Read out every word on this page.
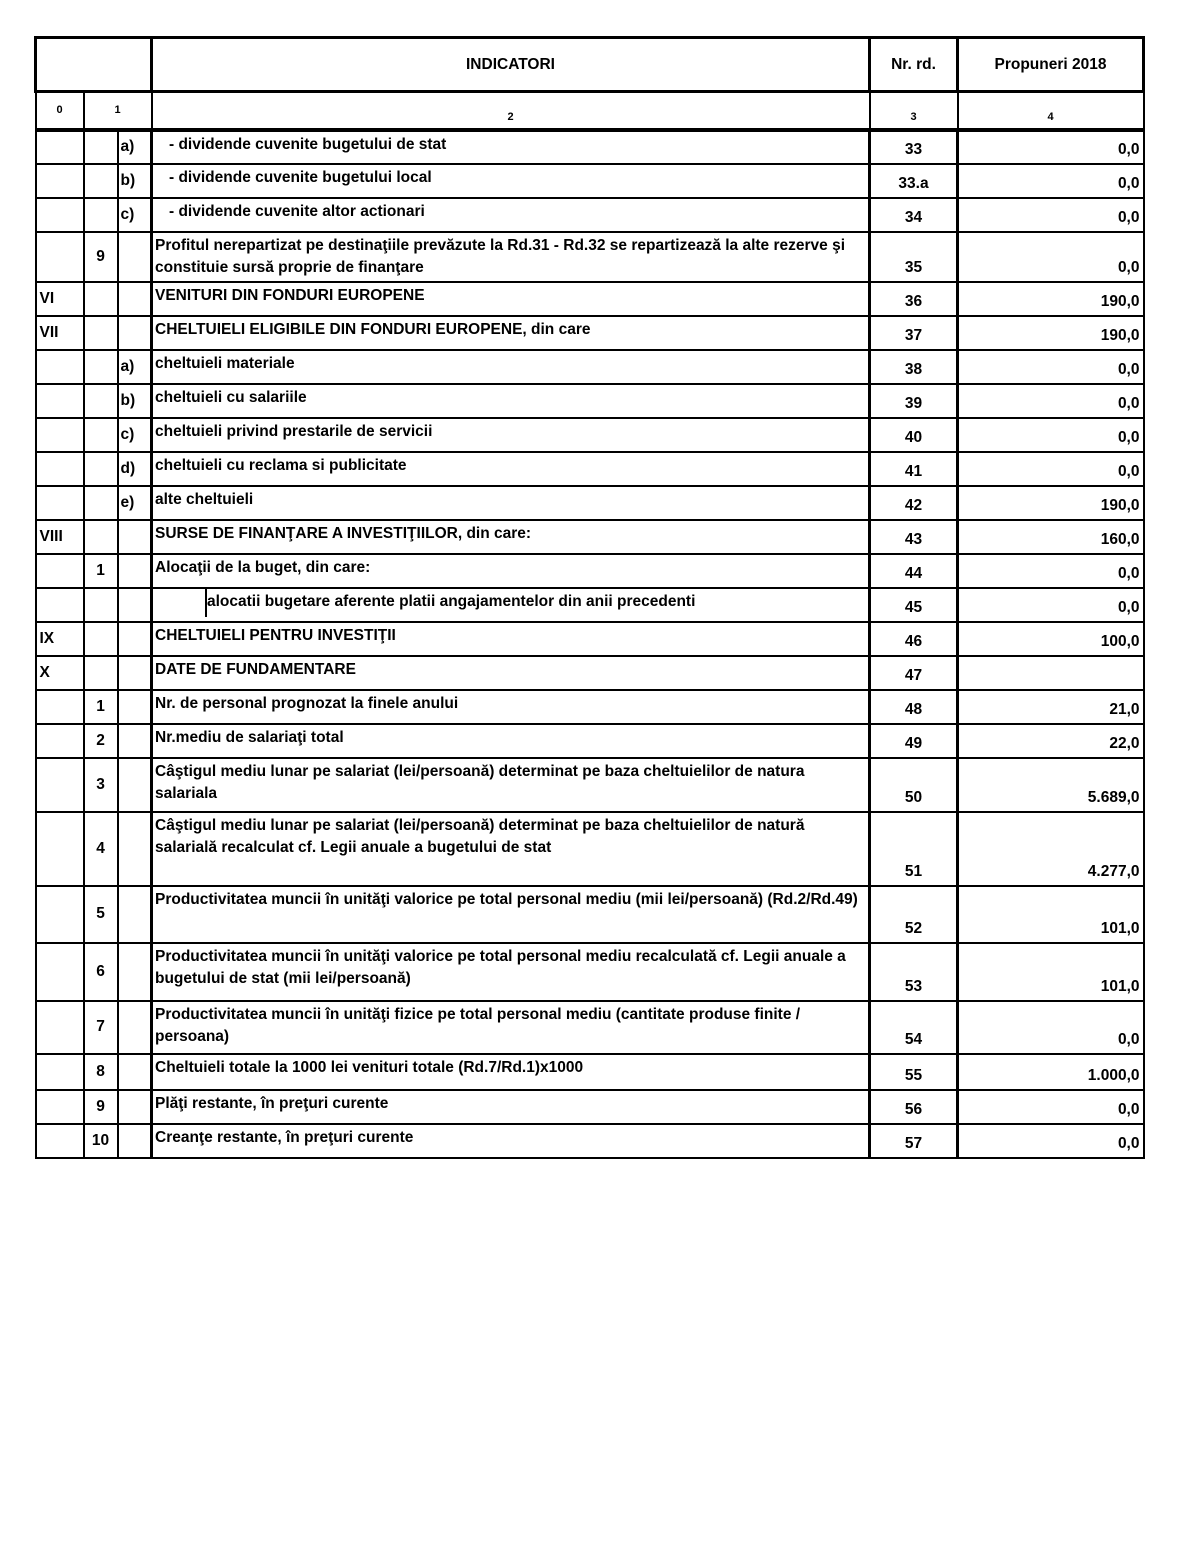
			INDICATORI	Nr. rd.	Propuneri 2018
0	1		2	3	4
		a)	- dividende cuvenite bugetului de stat	33	0,0
		b)	- dividende cuvenite bugetului local	33.a	0,0
		c)	- dividende cuvenite altor actionari	34	0,0
	9		Profitul nerepartizat pe destinaţiile prevăzute la Rd.31 - Rd.32 se repartizează la alte rezerve şi constituie sursă proprie de finanţare	35	0,0
VI			VENITURI DIN FONDURI EUROPENE	36	190,0
VII			CHELTUIELI ELIGIBILE DIN FONDURI EUROPENE, din care	37	190,0
		a)	cheltuieli materiale	38	0,0
		b)	cheltuieli cu salariile	39	0,0
		c)	cheltuieli privind prestarile de servicii	40	0,0
		d)	cheltuieli cu reclama si publicitate	41	0,0
		e)	alte cheltuieli	42	190,0
VIII			SURSE DE FINANŢARE A INVESTIŢIILOR, din care:	43	160,0
	1		Alocaţii de la buget, din care:	44	0,0
			alocatii bugetare aferente platii angajamentelor din anii precedenti	45	0,0
IX			CHELTUIELI PENTRU INVESTIŢII	46	100,0
X			DATE DE FUNDAMENTARE	47	
	1		Nr. de personal prognozat la finele anului	48	21,0
	2		Nr.mediu de salariaţi total	49	22,0
	3		Câştigul mediu lunar pe salariat (lei/persoană) determinat pe baza cheltuielilor de natura salariala	50	5.689,0
	4		Câştigul mediu lunar pe salariat (lei/persoană) determinat pe baza cheltuielilor de natură salarială recalculat cf. Legii anuale a bugetului de stat	51	4.277,0
	5		Productivitatea muncii în unităţi valorice pe total personal mediu (mii lei/persoană) (Rd.2/Rd.49)	52	101,0
	6		Productivitatea muncii în unităţi valorice pe total personal mediu recalculată cf. Legii anuale a bugetului de stat (mii lei/persoană)	53	101,0
	7		Productivitatea muncii în unităţi fizice pe total personal mediu (cantitate produse finite / persoana)	54	0,0
	8		Cheltuieli totale la 1000 lei venituri totale (Rd.7/Rd.1)x1000	55	1.000,0
	9		Plăţi restante, în preţuri curente	56	0,0
	10		Creanţe restante, în preţuri curente	57	0,0
